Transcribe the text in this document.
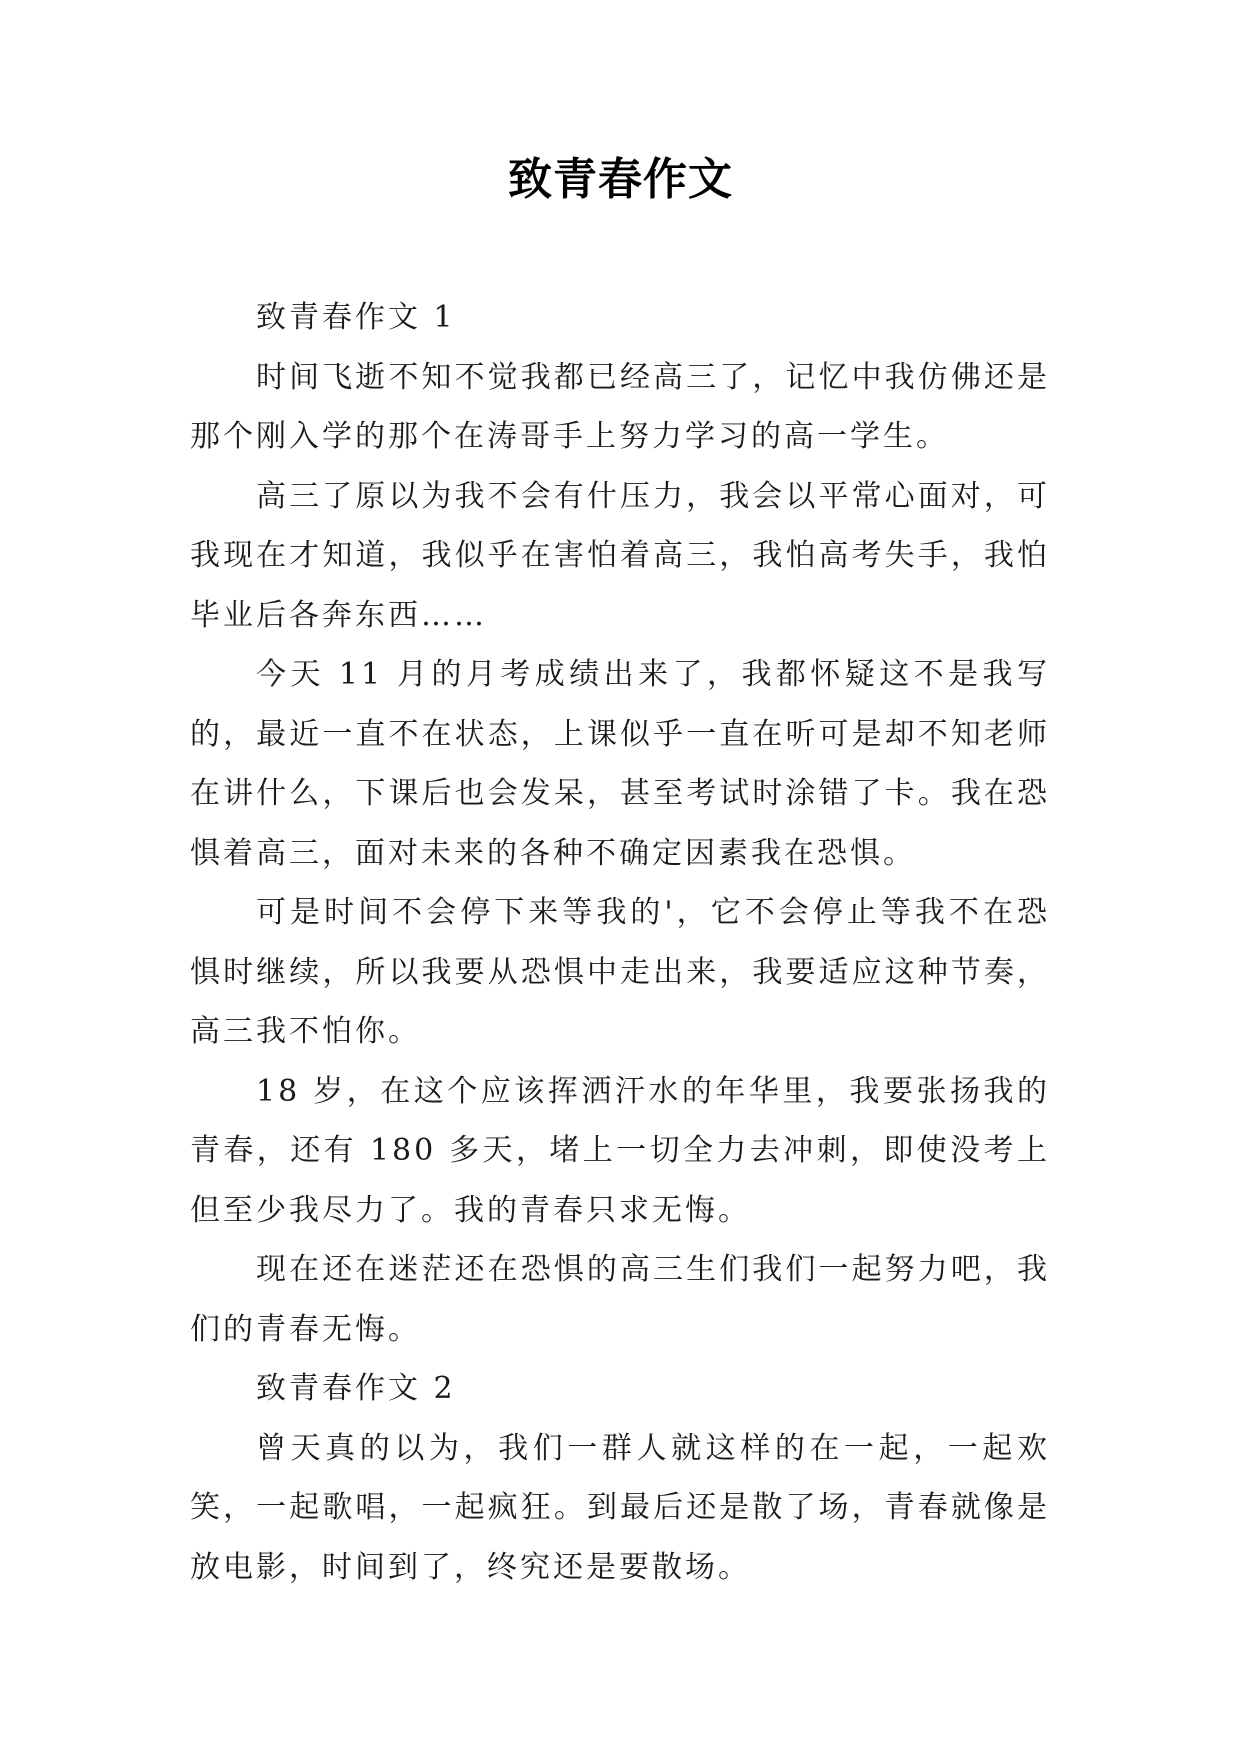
致青春作文

致青春作文 1

时间飞逝不知不觉我都已经高三了，记忆中我仿佛还是那个刚入学的那个在涛哥手上努力学习的高一学生。

高三了原以为我不会有什压力，我会以平常心面对，可我现在才知道，我似乎在害怕着高三，我怕高考失手，我怕毕业后各奔东西……

今天 11 月的月考成绩出来了，我都怀疑这不是我写的，最近一直不在状态，上课似乎一直在听可是却不知老师在讲什么，下课后也会发呆，甚至考试时涂错了卡。我在恐惧着高三，面对未来的各种不确定因素我在恐惧。

可是时间不会停下来等我的'，它不会停止等我不在恐惧时继续，所以我要从恐惧中走出来，我要适应这种节奏，高三我不怕你。

18 岁，在这个应该挥洒汗水的年华里，我要张扬我的青春，还有 180 多天，堵上一切全力去冲刺，即使没考上但至少我尽力了。我的青春只求无悔。

现在还在迷茫还在恐惧的高三生们我们一起努力吧，我们的青春无悔。

致青春作文 2

曾天真的以为，我们一群人就这样的在一起，一起欢笑，一起歌唱，一起疯狂。到最后还是散了场，青春就像是放电影，时间到了，终究还是要散场。
